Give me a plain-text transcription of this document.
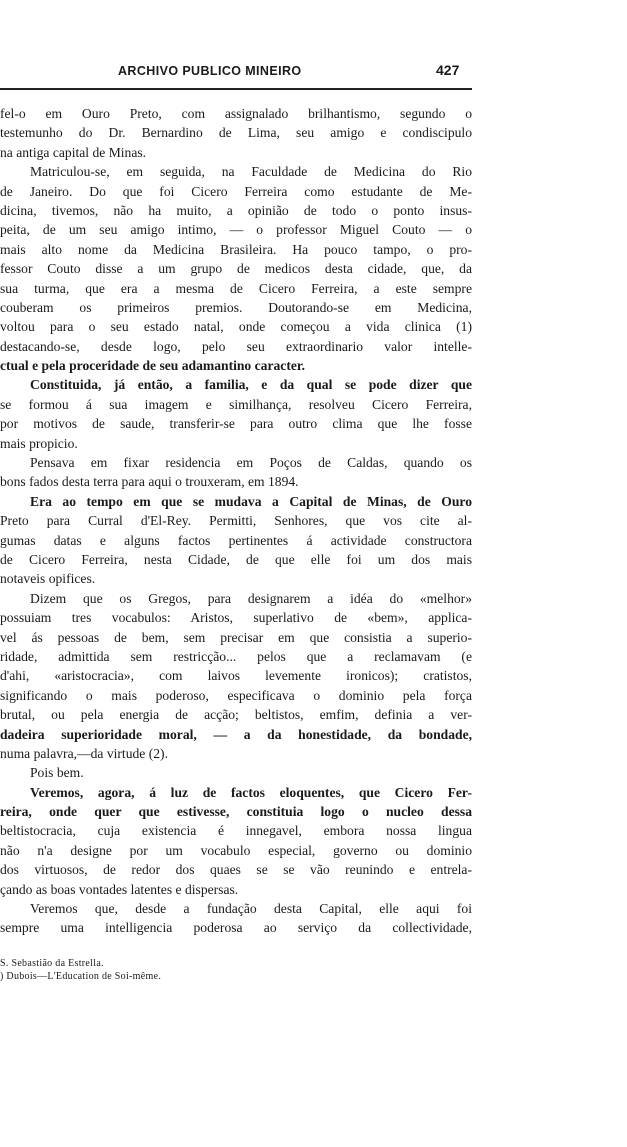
ARCHIVO PUBLICO MINEIRO	427
fel-o em Ouro Preto, com assignalado brilhantismo, segundo o
testemunho do Dr. Bernardino de Lima, seu amigo e condiscipulo
na antiga capital de Minas.
Matriculou-se, em seguida, na Faculdade de Medicina do Rio
de Janeiro. Do que foi Cicero Ferreira como estudante de Me-
dicina, tivemos, não ha muito, a opinião de todo o ponto insus-
peita, de um seu amigo intimo, — o professor Miguel Couto — o
mais alto nome da Medicina Brasileira. Ha pouco tampo, o pro-
fessor Couto disse a um grupo de medicos desta cidade, que, da
sua turma, que era a mesma de Cicero Ferreira, a este sempre
couberam os primeiros premios. Doutorando-se em Medicina,
voltou para o seu estado natal, onde começou a vida clinica (1)
destacando-se, desde logo, pelo seu extraordinario valor intelle-
ctual e pela proceridade de seu adamantino caracter.
Constituida, já então, a familia, e da qual se pode dizer que
se formou á sua imagem e similhança, resolveu Cicero Ferreira,
por motivos de saude, transferir-se para outro clima que lhe fosse
mais propicio.
Pensava em fixar residencia em Poços de Caldas, quando os
bons fados desta terra para aqui o trouxeram, em 1894.
Era ao tempo em que se mudava a Capital de Minas, de Ouro
Preto para Curral d'El-Rey. Permitti, Senhores, que vos cite al-
gumas datas e alguns factos pertinentes á actividade constructora
de Cicero Ferreira, nesta Cidade, de que elle foi um dos mais
notaveis opifices.
Dizem que os Gregos, para designarem a idéa do «melhor»
possuiam tres vocabulos: Aristos, superlativo de «bem», applica-
vel ás pessoas de bem, sem precisar em que consistia a superio-
ridade, admittida sem restricção... pelos que a reclamavam (e
d'ahi, «aristocracia», com laivos levemente ironicos); cratistos,
significando o mais poderoso, especificava o dominio pela força
brutal, ou pela energia de acção; beltistos, emfim, definia a ver-
dadeira superioridade moral, — a da honestidade, da bondade,
numa palavra,—da virtude (2).
Pois bem.
Veremos, agora, á luz de factos eloquentes, que Cicero Fer-
reira, onde quer que estivesse, constituia logo o nucleo dessa
beltistocracia, cuja existencia é innegavel, embora nossa lingua
não n'a designe por um vocabulo especial, governo ou dominio
dos virtuosos, de redor dos quaes se se vão reunindo e entrela-
çando as boas vontades latentes e dispersas.
Veremos que, desde a fundação desta Capital, elle aqui foi
sempre uma intelligencia poderosa ao serviço da collectividade,
S. Sebastião da Estrella.
) Dubois—L'Education de Soi-même.
